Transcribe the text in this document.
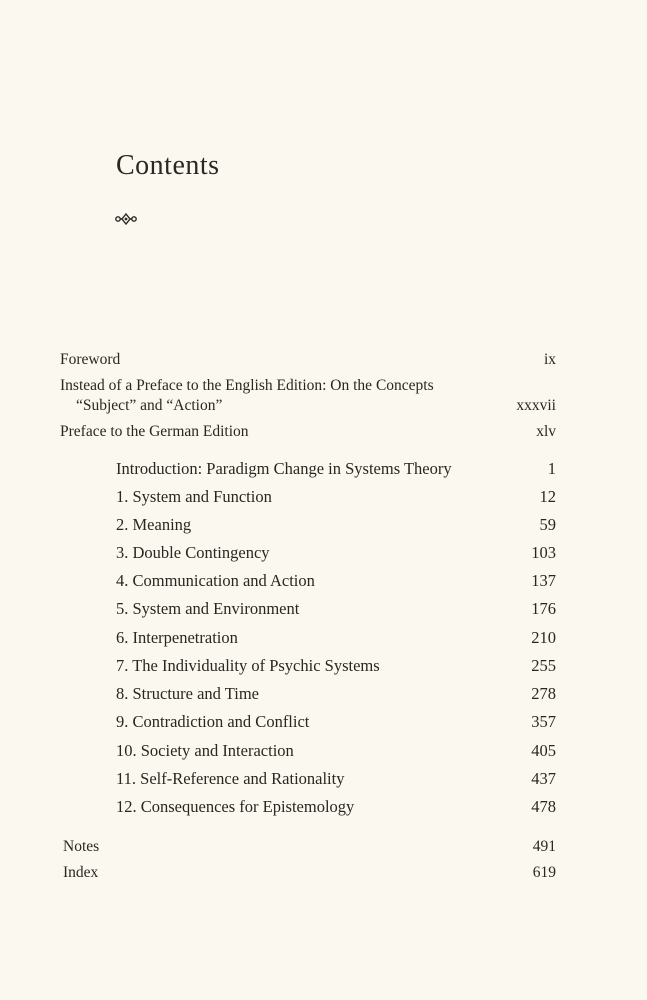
Contents
Foreword	ix
Instead of a Preface to the English Edition: On the Concepts
“Subject” and “Action”	xxxvii
Preface to the German Edition	xlv
Introduction: Paradigm Change in Systems Theory	1
1. System and Function	12
2. Meaning	59
3. Double Contingency	103
4. Communication and Action	137
5. System and Environment	176
6. Interpenetration	210
7. The Individuality of Psychic Systems	255
8. Structure and Time	278
9. Contradiction and Conflict	357
10. Society and Interaction	405
11. Self-Reference and Rationality	437
12. Consequences for Epistemology	478
Notes	491
Index	619
